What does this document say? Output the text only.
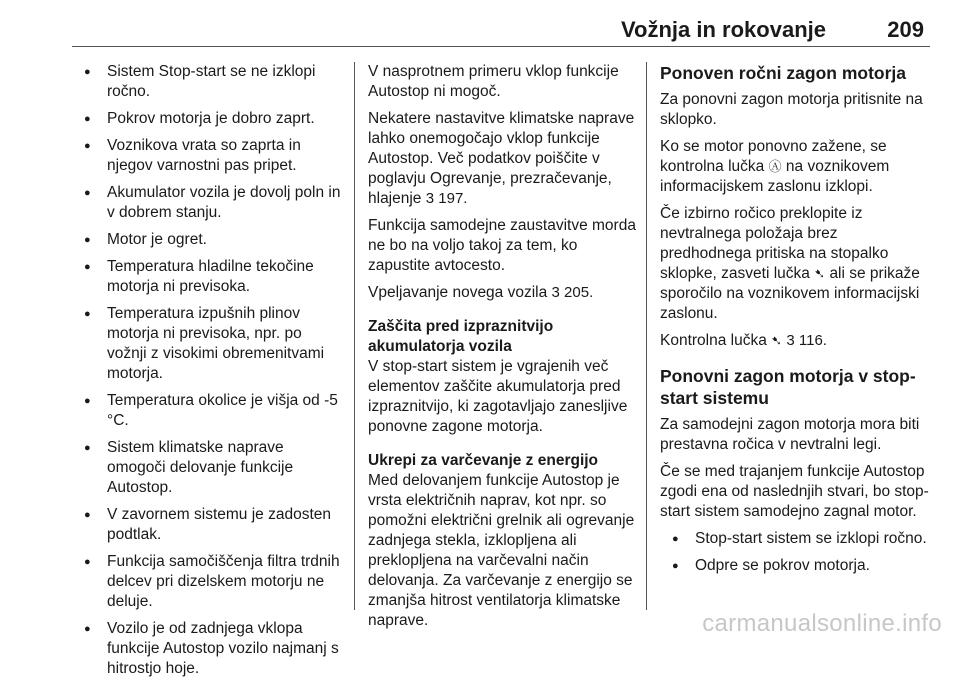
Vožnja in rokovanje	209
● Sistem Stop-start se ne izklopi ročno.
● Pokrov motorja je dobro zaprt.
● Voznikova vrata so zaprta in njegov varnostni pas pripet.
● Akumulator vozila je dovolj poln in v dobrem stanju.
● Motor je ogret.
● Temperatura hladilne tekočine motorja ni previsoka.
● Temperatura izpušnih plinov motorja ni previsoka, npr. po vožnji z visokimi obremenitvami motorja.
● Temperatura okolice je višja od -5 °C.
● Sistem klimatske naprave omogoči delovanje funkcije Autostop.
● V zavornem sistemu je zadosten podtlak.
● Funkcija samočiščenja filtra trdnih delcev pri dizelskem motorju ne deluje.
● Vozilo je od zadnjega vklopa funkcije Autostop vozilo najmanj s hitrostjo hoje.

V nasprotnem primeru vklop funkcije Autostop ni mogoč.

Nekatere nastavitve klimatske naprave lahko onemogočajo vklop funkcije Autostop. Več podatkov poiščite v poglavju Ogrevanje, prezračevanje, hlajenje 3 197.

Funkcija samodejne zaustavitve morda ne bo na voljo takoj za tem, ko zapustite avtocesto.

Vpeljavanje novega vozila 3 205.

Zaščita pred izpraznitvijo akumulatorja vozila

V stop-start sistem je vgrajenih več elementov zaščite akumulatorja pred izpraznitvijo, ki zagotavljajo zanesljive ponovne zagone motorja.

Ukrepi za varčevanje z energijo

Med delovanjem funkcije Autostop je vrsta električnih naprav, kot npr. so pomožni električni grelnik ali ogrevanje zadnjega stekla, izklopljena ali preklopljena na varčevalni način delovanja. Za varčevanje z energijo se zmanjša hitrost ventilatorja klimatske naprave.

Ponoven ročni zagon motorja

Za ponovni zagon motorja pritisnite na sklopko.

Ko se motor ponovno zažene, se kontrolna lučka Ⓐ na voznikovem informacijskem zaslonu izklopi.

Če izbirno ročico preklopite iz nevtralnega položaja brez predhodnega pritiska na stopalko sklopke, zasveti lučka ➷ ali se prikaže sporočilo na voznikovem informacijski zaslonu.

Kontrolna lučka ➷ 3 116.

Ponovni zagon motorja v stop-start sistemu

Za samodejni zagon motorja mora biti prestavna ročica v nevtralni legi.

Če se med trajanjem funkcije Autostop zgodi ena od naslednjih stvari, bo stop-start sistem samodejno zagnal motor.

● Stop-start sistem se izklopi ročno.
● Odpre se pokrov motorja.
carmanualsonline.info
